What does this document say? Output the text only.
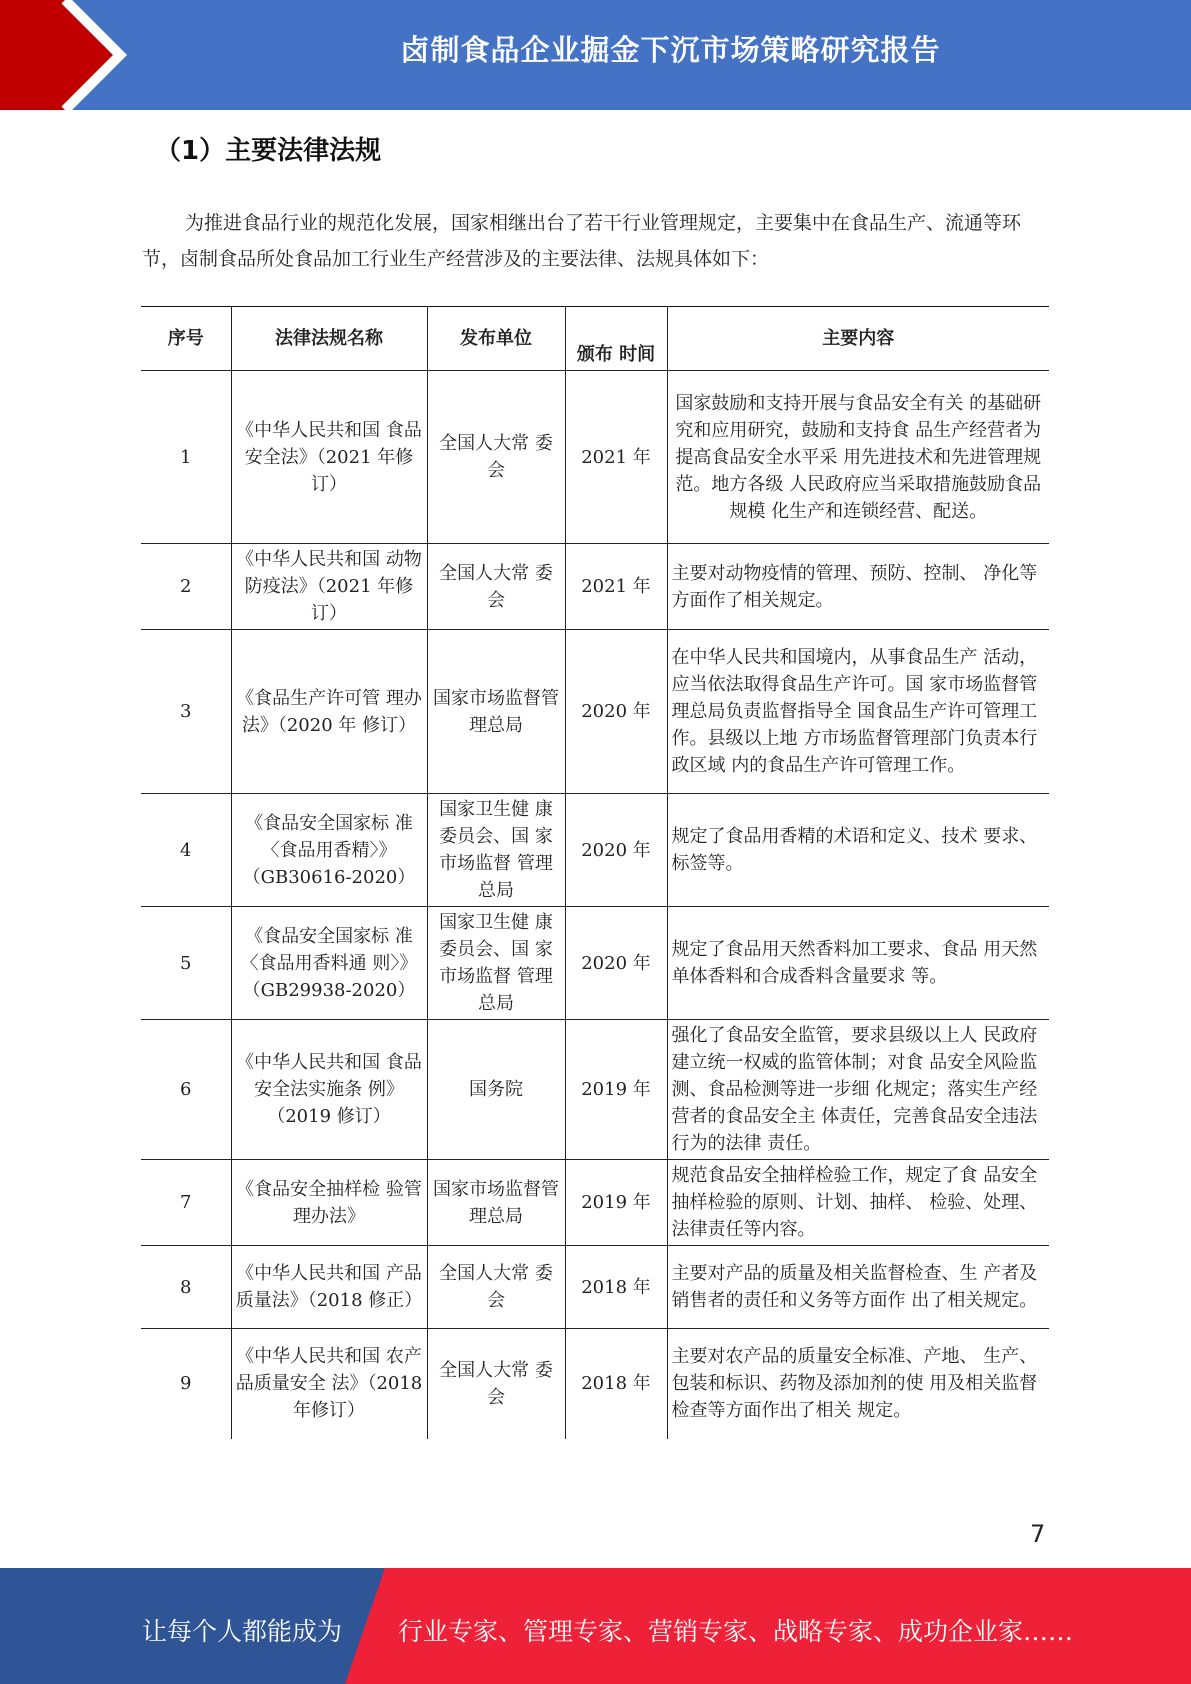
卤制食品企业掘金下沉市场策略研究报告
（1）主要法律法规

为推进食品行业的规范化发展，国家相继出台了若干行业管理规定，主要集中在食品生产、流通等环节，卤制食品所处食品加工行业生产经营涉及的主要法律、法规具体如下：

序号	法律法规名称	发布单位	颁布 时间	主要内容
1	《中华人民共和国 食品安全法》（2021 年修订）	全国人大常 委会	2021 年	国家鼓励和支持开展与食品安全有关 的基础研究和应用研究，鼓励和支持食 品生产经营者为提高食品安全水平采 用先进技术和先进管理规范。地方各级 人民政府应当采取措施鼓励食品规模 化生产和连锁经营、配送。
2	《中华人民共和国 动物防疫法》（2021 年修订）	全国人大常 委会	2021 年	主要对动物疫情的管理、预防、控制、 净化等方面作了相关规定。
3	《食品生产许可管 理办法》（2020 年 修订）	国家市场监督管理总局	2020 年	在中华人民共和国境内，从事食品生产 活动，应当依法取得食品生产许可。国 家市场监督管理总局负责监督指导全 国食品生产许可管理工作。县级以上地 方市场监督管理部门负责本行政区域 内的食品生产许可管理工作。
4	《食品安全国家标 准〈食品用香精〉》（GB30616-2020）	国家卫生健 康委员会、国 家市场监督 管理总局	2020 年	规定了食品用香精的术语和定义、技术 要求、标签等。
5	《食品安全国家标 准〈食品用香料通 则〉》（GB29938-2020）	国家卫生健 康委员会、国 家市场监督 管理总局	2020 年	规定了食品用天然香料加工要求、食品 用天然单体香料和合成香料含量要求 等。
6	《中华人民共和国 食品安全法实施条 例》（2019 修订）	国务院	2019 年	强化了食品安全监管，要求县级以上人 民政府建立统一权威的监管体制；对食 品安全风险监测、食品检测等进一步细 化规定；落实生产经营者的食品安全主 体责任，完善食品安全违法行为的法律 责任。
7	《食品安全抽样检 验管理办法》	国家市场监督管理总局	2019 年	规范食品安全抽样检验工作，规定了食 品安全抽样检验的原则、计划、抽样、 检验、处理、法律责任等内容。
8	《中华人民共和国 产品质量法》（2018 修正）	全国人大常 委会	2018 年	主要对产品的质量及相关监督检查、生 产者及销售者的责任和义务等方面作 出了相关规定。
9	《中华人民共和国 农产品质量安全 法》（2018 年修订）	全国人大常 委会	2018 年	主要对农产品的质量安全标准、产地、 生产、包装和标识、药物及添加剂的使 用及相关监督检查等方面作出了相关 规定。
7
让每个人都能成为 行业专家、管理专家、营销专家、战略专家、成功企业家……
